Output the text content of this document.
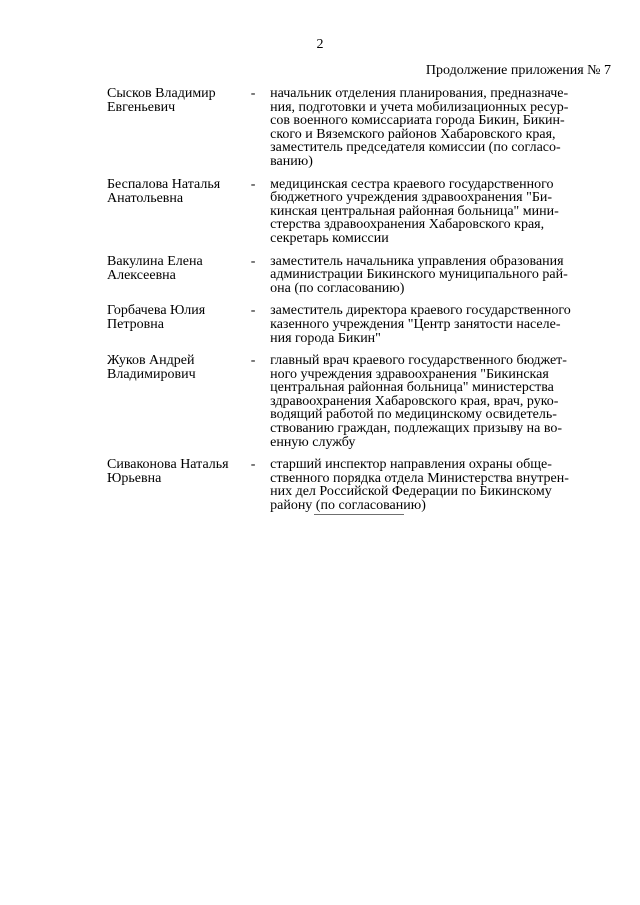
2
Продолжение приложения № 7
Сысков Владимир
Евгеньевич
-	начальник отделения планирования, предназначе-
ния, подготовки и учета мобилизационных ресур-
сов военного комиссариата города Бикин, Бикин-
ского и Вяземского районов Хабаровского края,
заместитель председателя комиссии (по согласо-
ванию)
Беспалова Наталья
Анатольевна
-	медицинская сестра краевого государственного
бюджетного учреждения здравоохранения "Би-
кинская центральная районная больница" мини-
стерства здравоохранения Хабаровского края,
секретарь комиссии
Вакулина Елена
Алексеевна
-	заместитель начальника управления образования
администрации Бикинского муниципального рай-
она (по согласованию)
Горбачева Юлия
Петровна
-	заместитель директора краевого государственного
казенного учреждения "Центр занятости населе-
ния города Бикин"
Жуков Андрей
Владимирович
-	главный врач краевого государственного бюджет-
ного учреждения здравоохранения "Бикинская
центральная районная больница" министерства
здравоохранения Хабаровского края, врач, руко-
водящий работой по медицинскому освидетель-
ствованию граждан, подлежащих призыву на во-
енную службу
Сиваконова Наталья
Юрьевна
-	старший инспектор направления охраны обще-
ственного порядка отдела Министерства внутрен-
них дел Российской Федерации по Бикинскому
району (по согласованию)
